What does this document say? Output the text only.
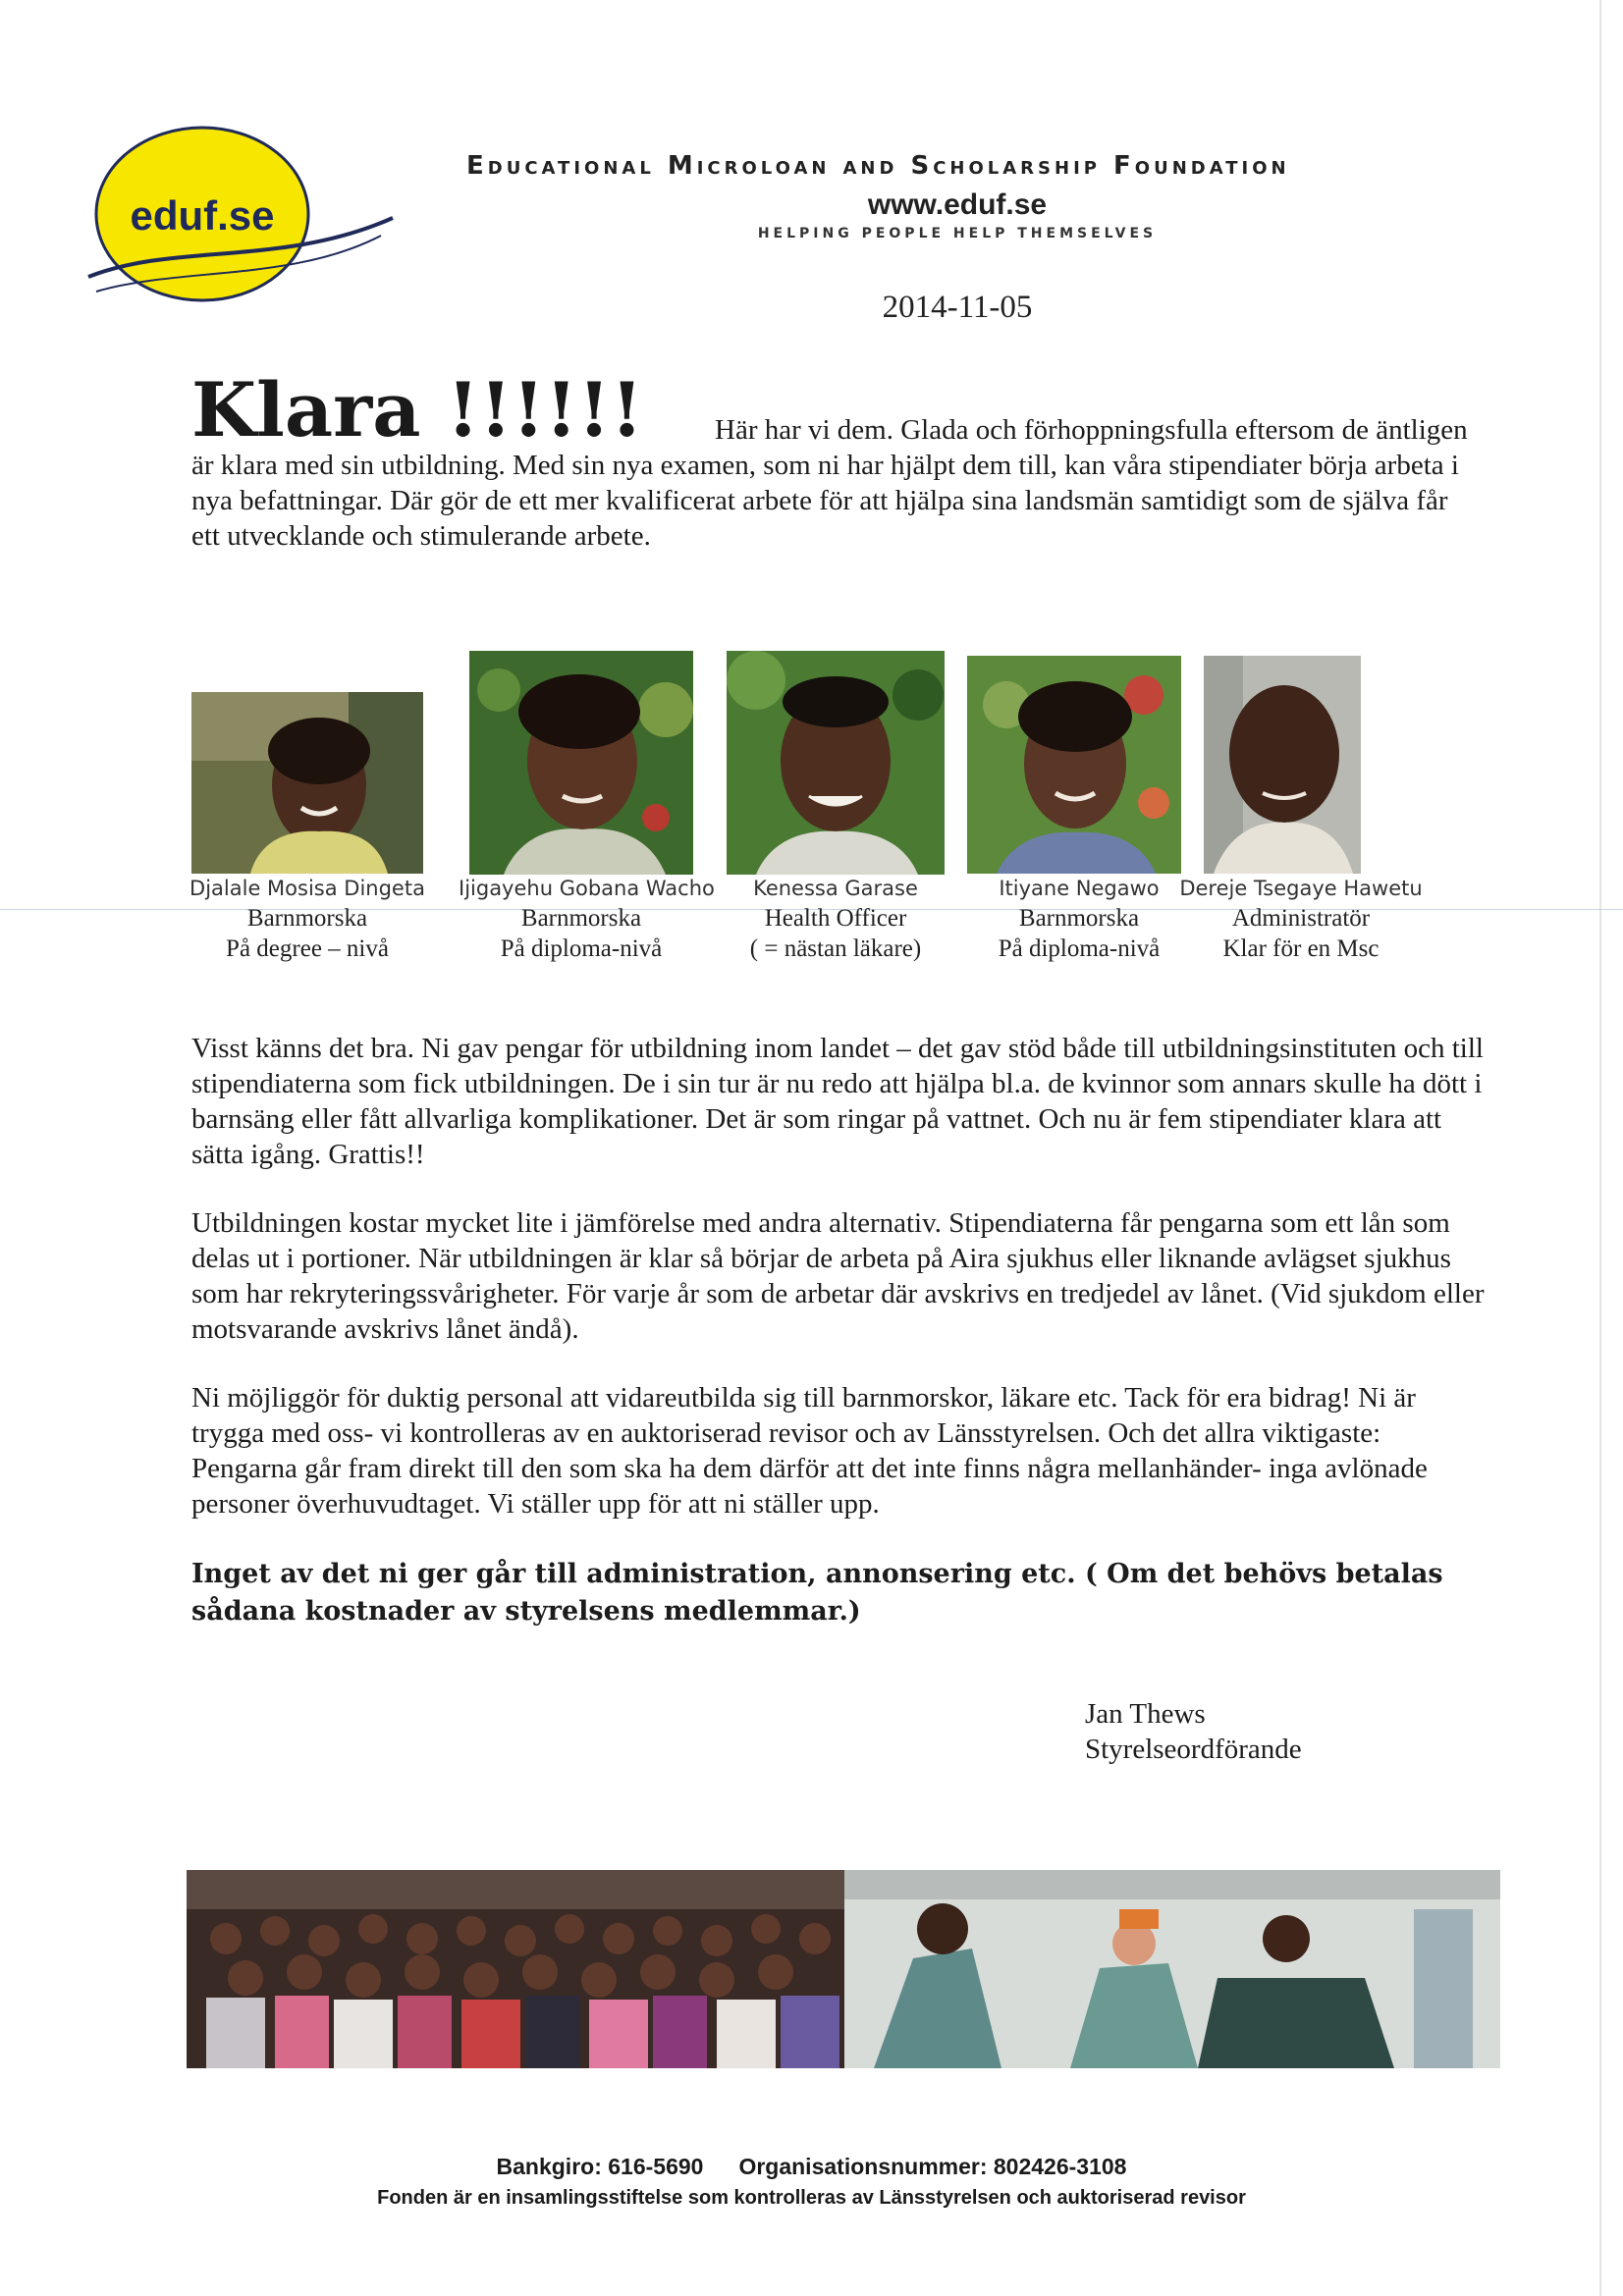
eduf.se
Educational Microloan and Scholarship Foundation
www.eduf.se
HELPING PEOPLE HELP THEMSELVES
2014-11-05
Klara !!!!!!	Här har vi dem. Glada och förhoppningsfulla eftersom de äntligen är klara med sin utbildning. Med sin nya examen, som ni har hjälpt dem till, kan våra stipendiater börja arbeta i nya befattningar. Där gör de ett mer kvalificerat arbete för att hjälpa sina landsmän samtidigt som de själva får ett utvecklande och stimulerande arbete.

Djalale Mosisa Dingeta
Barnmorska
På degree – nivå
Ijigayehu Gobana Wacho
Barnmorska
På diploma-nivå
Kenessa Garase
Health Officer
( = nästan läkare)
Itiyane Negawo
Barnmorska
På diploma-nivå
Dereje Tsegaye Hawetu
Administratör
Klar för en Msc

Visst känns det bra. Ni gav pengar för utbildning inom landet – det gav stöd både till utbildningsinstituten och till stipendiaterna som fick utbildningen. De i sin tur är nu redo att hjälpa bl.a. de kvinnor som annars skulle ha dött i barnsäng eller fått allvarliga komplikationer. Det är som ringar på vattnet. Och nu är fem stipendiater klara att sätta igång. Grattis!!

Utbildningen kostar mycket lite i jämförelse med andra alternativ. Stipendiaterna får pengarna som ett lån som delas ut i portioner. När utbildningen är klar så börjar de arbeta på Aira sjukhus eller liknande avlägset sjukhus som har rekryteringssvårigheter. För varje år som de arbetar där avskrivs en tredjedel av lånet. (Vid sjukdom eller motsvarande avskrivs lånet ändå).

Ni möjliggör för duktig personal att vidareutbilda sig till barnmorskor, läkare etc. Tack för era bidrag! Ni är trygga med oss- vi kontrolleras av en auktoriserad revisor och av Länsstyrelsen. Och det allra viktigaste: Pengarna går fram direkt till den som ska ha dem därför att det inte finns några mellanhänder- inga avlönade personer överhuvudtaget. Vi ställer upp för att ni ställer upp.

Inget av det ni ger går till administration, annonsering etc. ( Om det behövs betalas sådana kostnader av styrelsens medlemmar.)

Jan Thews
Styrelseordförande
Bankgiro: 616-5690 Organisationsnummer: 802426-3108
Fonden är en insamlingsstiftelse som kontrolleras av Länsstyrelsen och auktoriserad revisor
